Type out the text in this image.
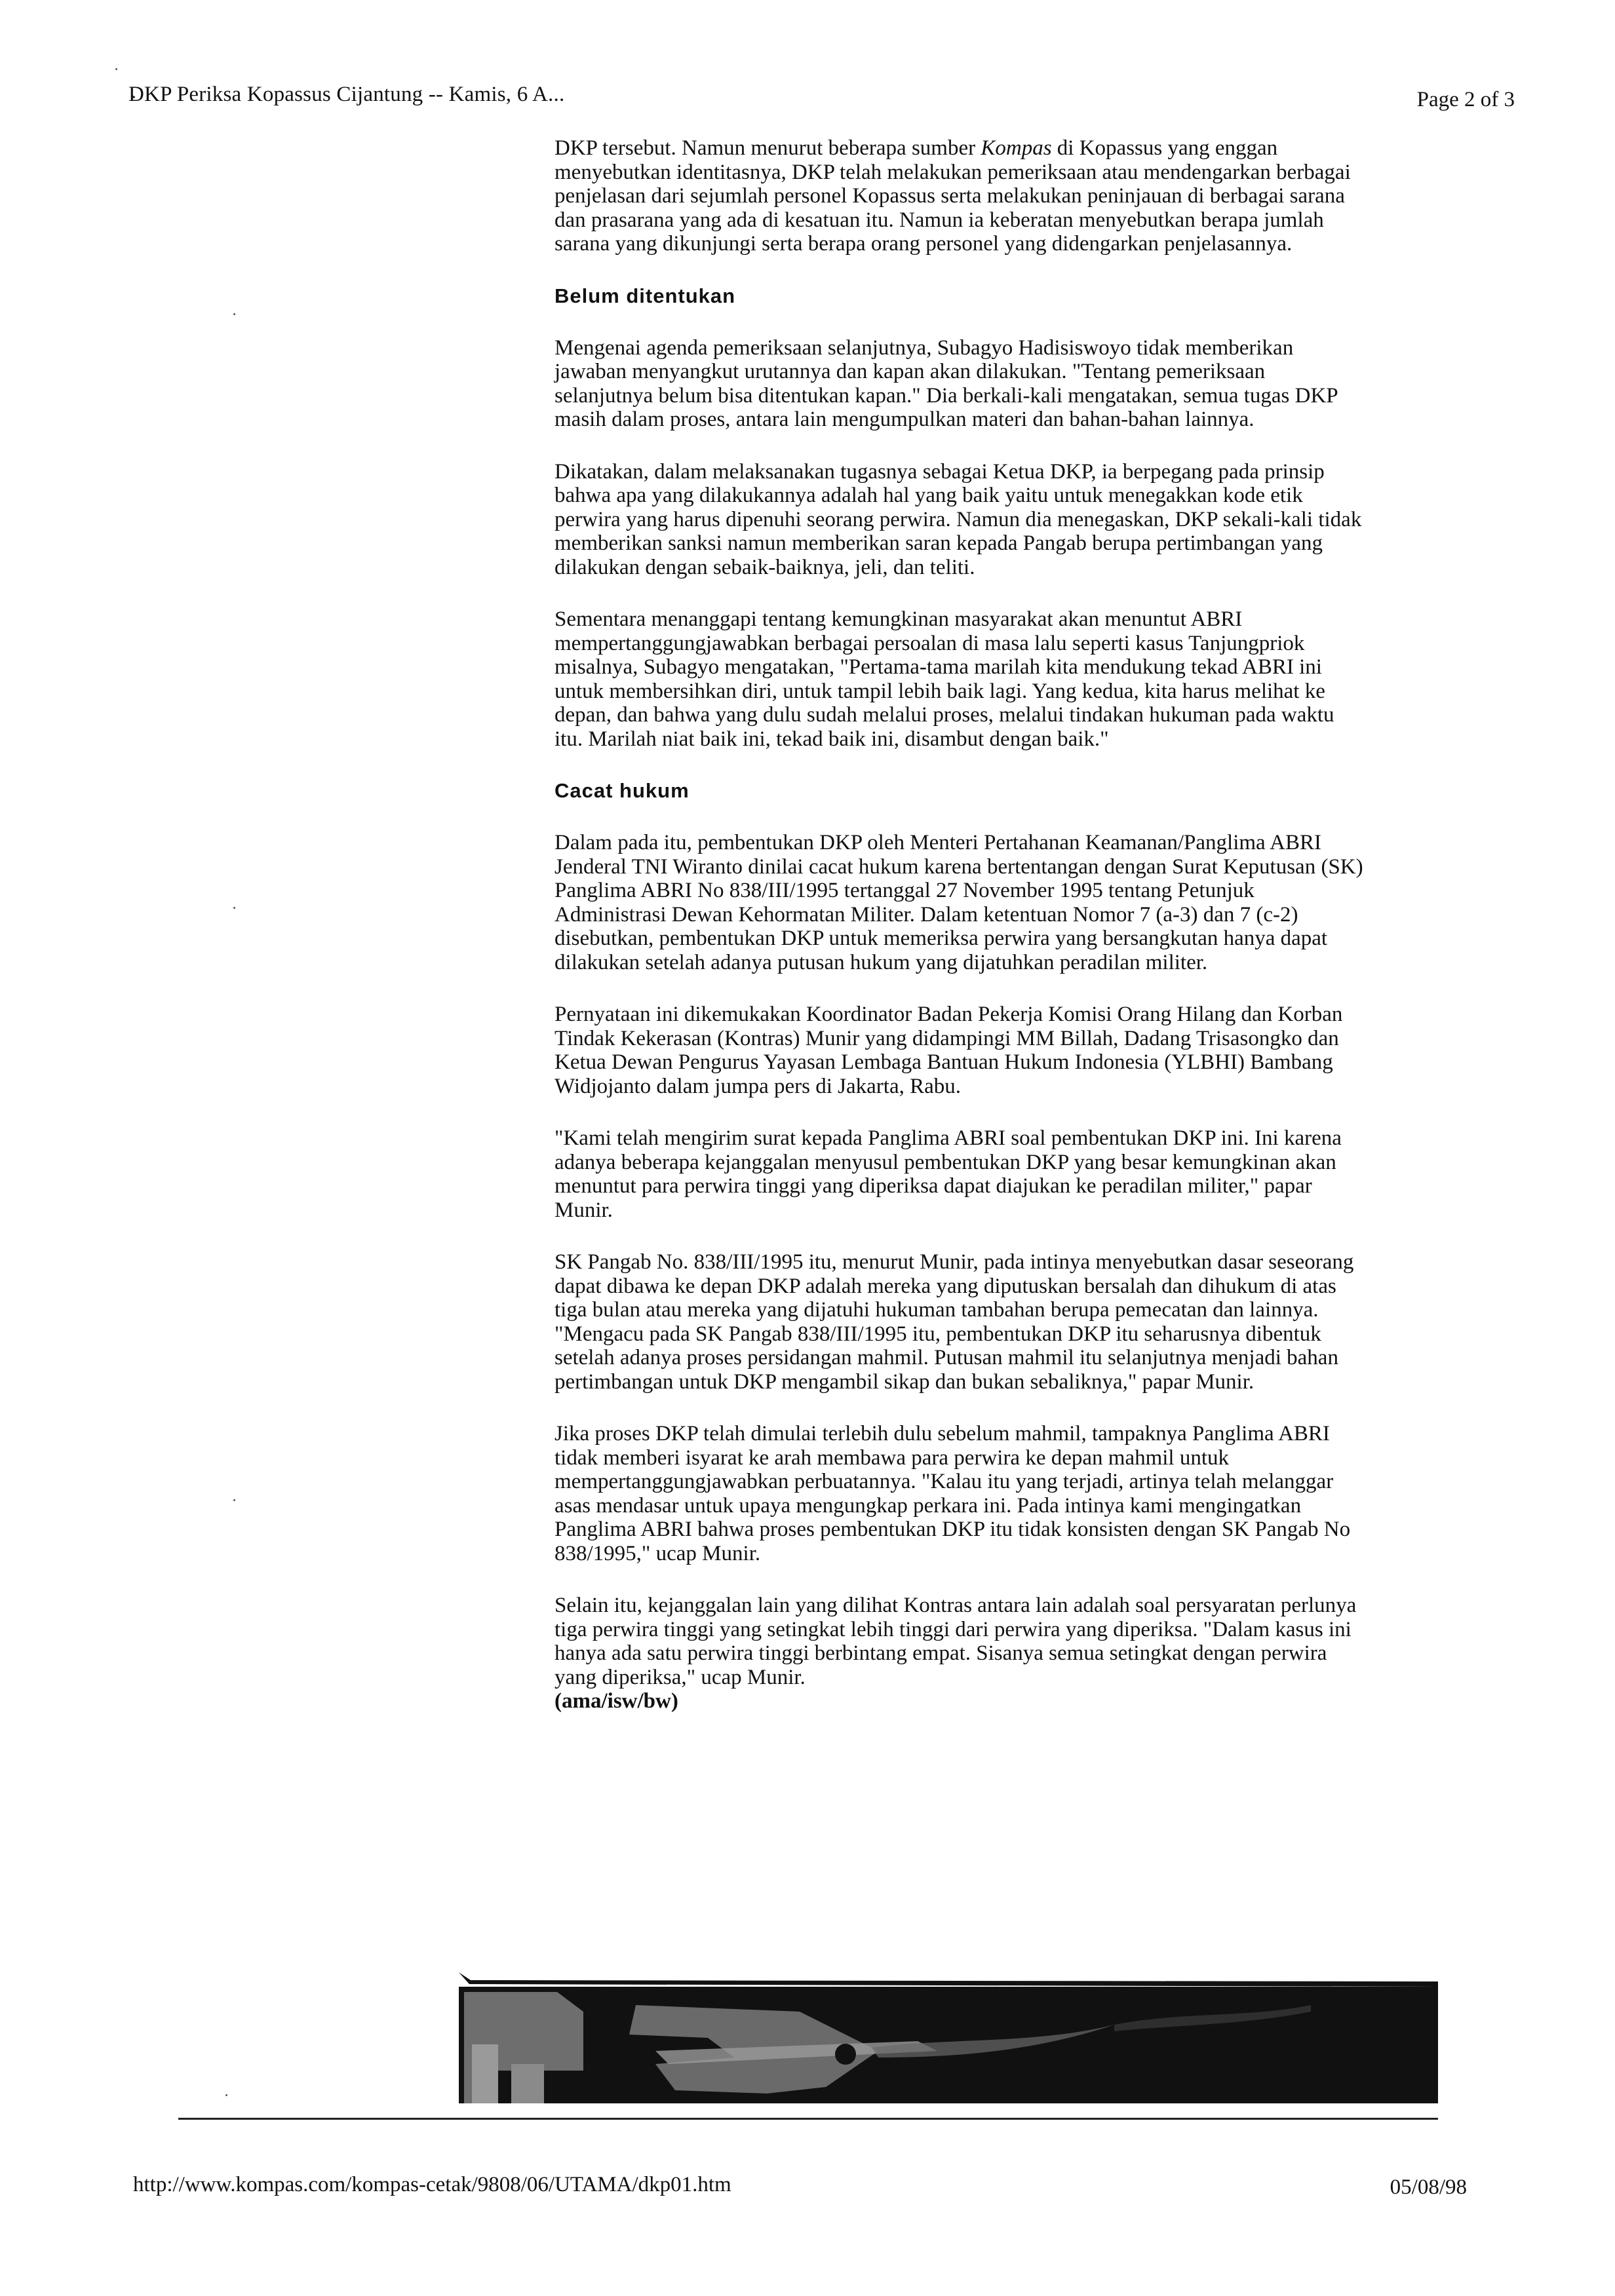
DKP Periksa Kopassus Cijantung -- Kamis, 6 A...	Page 2 of 3

DKP tersebut. Namun menurut beberapa sumber Kompas di Kopassus yang enggan menyebutkan identitasnya, DKP telah melakukan pemeriksaan atau mendengarkan berbagai penjelasan dari sejumlah personel Kopassus serta melakukan peninjauan di berbagai sarana dan prasarana yang ada di kesatuan itu. Namun ia keberatan menyebutkan berapa jumlah sarana yang dikunjungi serta berapa orang personel yang didengarkan penjelasannya.

Belum ditentukan

Mengenai agenda pemeriksaan selanjutnya, Subagyo Hadisiswoyo tidak memberikan jawaban menyangkut urutannya dan kapan akan dilakukan. "Tentang pemeriksaan selanjutnya belum bisa ditentukan kapan." Dia berkali-kali mengatakan, semua tugas DKP masih dalam proses, antara lain mengumpulkan materi dan bahan-bahan lainnya.

Dikatakan, dalam melaksanakan tugasnya sebagai Ketua DKP, ia berpegang pada prinsip bahwa apa yang dilakukannya adalah hal yang baik yaitu untuk menegakkan kode etik perwira yang harus dipenuhi seorang perwira. Namun dia menegaskan, DKP sekali-kali tidak memberikan sanksi namun memberikan saran kepada Pangab berupa pertimbangan yang dilakukan dengan sebaik-baiknya, jeli, dan teliti.

Sementara menanggapi tentang kemungkinan masyarakat akan menuntut ABRI mempertanggungjawabkan berbagai persoalan di masa lalu seperti kasus Tanjungpriok misalnya, Subagyo mengatakan, "Pertama-tama marilah kita mendukung tekad ABRI ini untuk membersihkan diri, untuk tampil lebih baik lagi. Yang kedua, kita harus melihat ke depan, dan bahwa yang dulu sudah melalui proses, melalui tindakan hukuman pada waktu itu. Marilah niat baik ini, tekad baik ini, disambut dengan baik."

Cacat hukum

Dalam pada itu, pembentukan DKP oleh Menteri Pertahanan Keamanan/Panglima ABRI Jenderal TNI Wiranto dinilai cacat hukum karena bertentangan dengan Surat Keputusan (SK) Panglima ABRI No 838/III/1995 tertanggal 27 November 1995 tentang Petunjuk Administrasi Dewan Kehormatan Militer. Dalam ketentuan Nomor 7 (a-3) dan 7 (c-2) disebutkan, pembentukan DKP untuk memeriksa perwira yang bersangkutan hanya dapat dilakukan setelah adanya putusan hukum yang dijatuhkan peradilan militer.

Pernyataan ini dikemukakan Koordinator Badan Pekerja Komisi Orang Hilang dan Korban Tindak Kekerasan (Kontras) Munir yang didampingi MM Billah, Dadang Trisasongko dan Ketua Dewan Pengurus Yayasan Lembaga Bantuan Hukum Indonesia (YLBHI) Bambang Widjojanto dalam jumpa pers di Jakarta, Rabu.

"Kami telah mengirim surat kepada Panglima ABRI soal pembentukan DKP ini. Ini karena adanya beberapa kejanggalan menyusul pembentukan DKP yang besar kemungkinan akan menuntut para perwira tinggi yang diperiksa dapat diajukan ke peradilan militer," papar Munir.

SK Pangab No. 838/III/1995 itu, menurut Munir, pada intinya menyebutkan dasar seseorang dapat dibawa ke depan DKP adalah mereka yang diputuskan bersalah dan dihukum di atas tiga bulan atau mereka yang dijatuhi hukuman tambahan berupa pemecatan dan lainnya. "Mengacu pada SK Pangab 838/III/1995 itu, pembentukan DKP itu seharusnya dibentuk setelah adanya proses persidangan mahmil. Putusan mahmil itu selanjutnya menjadi bahan pertimbangan untuk DKP mengambil sikap dan bukan sebaliknya," papar Munir.

Jika proses DKP telah dimulai terlebih dulu sebelum mahmil, tampaknya Panglima ABRI tidak memberi isyarat ke arah membawa para perwira ke depan mahmil untuk mempertanggungjawabkan perbuatannya. "Kalau itu yang terjadi, artinya telah melanggar asas mendasar untuk upaya mengungkap perkara ini. Pada intinya kami mengingatkan Panglima ABRI bahwa proses pembentukan DKP itu tidak konsisten dengan SK Pangab No 838/1995," ucap Munir.

Selain itu, kejanggalan lain yang dilihat Kontras antara lain adalah soal persyaratan perlunya tiga perwira tinggi yang setingkat lebih tinggi dari perwira yang diperiksa. "Dalam kasus ini hanya ada satu perwira tinggi berbintang empat. Sisanya semua setingkat dengan perwira yang diperiksa," ucap Munir.
(ama/isw/bw)

http://www.kompas.com/kompas-cetak/9808/06/UTAMA/dkp01.htm	05/08/98
